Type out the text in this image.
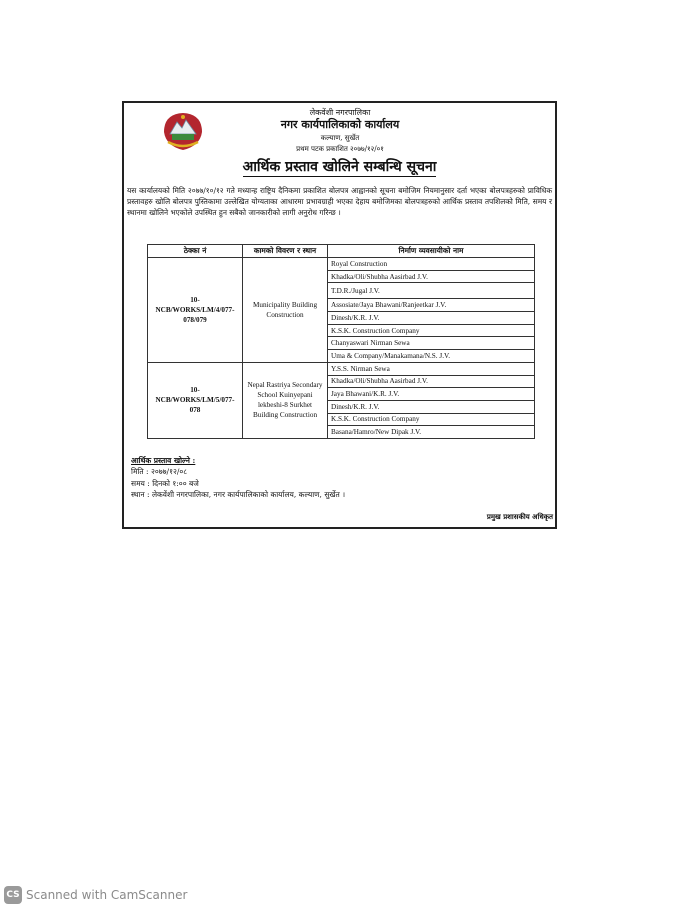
लेकवेंशी नगरपालिका
नगर कार्यपालिकाको कार्यालय
कल्याण, सुर्खेत
प्रथम पटक प्रकाशित २०७७/१२/०१
आर्थिक प्रस्ताव खोलिने सम्बन्धि सूचना
यस कार्यालयको मिति २०७७/१०/१२ गते मध्यान्ह राष्ट्रिय दैनिकमा प्रकाशित बोलपत्र आह्वानको सूचना बमोजिम नियमानुसार दर्ता भएका बोलपत्रहरुको प्राविधिक प्रस्तावहरु खोलि बोलपत्र पुस्तिकामा उल्लेखित योग्यताका आधारमा प्रभावग्राही भएका देहाय बमोजिमका बोलपत्रहरुको आर्थिक प्रस्ताव तपशिलको मिति, समय र स्थानमा खोलिने भएकोले उपस्थित हुन सबैको जानकारीको लागी अनुरोध गरिन्छ ।
ठेक्का नं	कामको विवरण र स्थान	निर्माण व्यवसायीको नाम
10-NCB/WORKS/LM/4/077-078/079	Municipality Building Construction	Royal Construction
		Khadka/Oli/Shubha Aasirbad J.V.
		T.D.R./Jugal J.V.
		Assosiate/Jaya Bhawani/Ranjeetkar J.V.
		Dinesh/K.R. J.V.
		K.S.K. Construction Company
		Chanyaswari Nirman Sewa
		Uma & Company/Manakamana/N.S. J.V.
10-NCB/WORKS/LM/5/077-078	Nepal Rastriya Secondary School Kuinyepani lekbeshi-8 Surkhet Building Construction	Y.S.S. Nirman Sewa
		Khadka/Oli/Shubha Aasirbad J.V.
		Jaya Bhawani/K.R. J.V.
		Dinesh/K.R. J.V.
		K.S.K. Construction Company
		Basana/Hamro/New Dipak J.V.
आर्थिक प्रस्ताव खोल्ने :
मिति : २०७७/१२/०८
समय : दिनको १:०० बजे
स्थान : लेकवेंशी नगरपालिका, नगर कार्यपालिकाको कार्यालय, कल्याण, सुर्खेत ।
प्रमुख प्रशासकीय अधिकृत
CS Scanned with CamScanner
